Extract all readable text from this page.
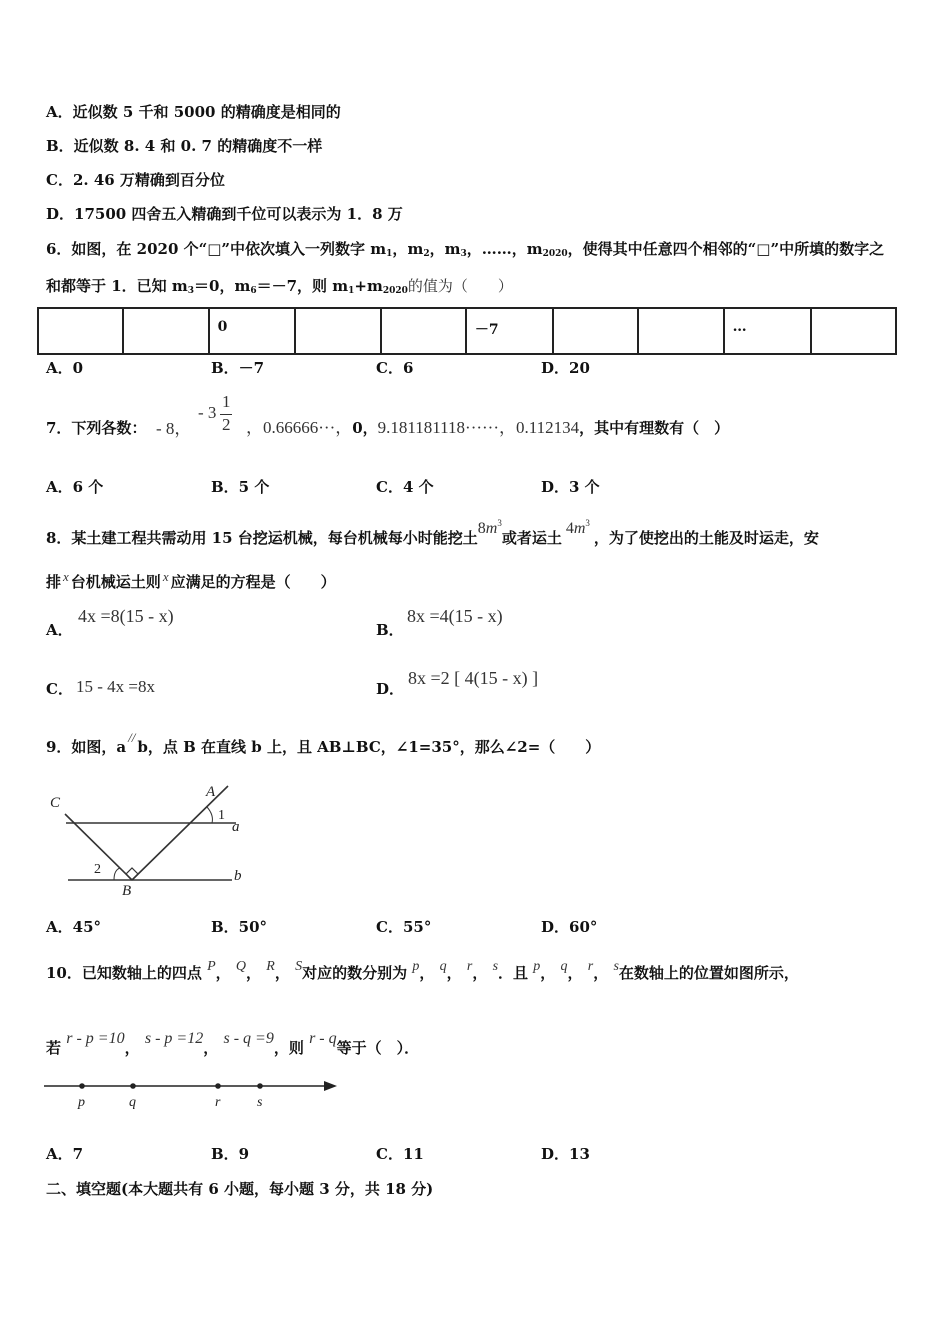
A．近似数 5 千和 5000 的精确度是相同的
B．近似数 8. 4 和 0. 7 的精确度不一样
C．2. 46 万精确到百分位
D．17500 四舍五入精确到千位可以表示为 1．8 万
6．如图，在 2020 个“□”中依次填入一列数字 $m_1$，$m_2$，$m_3$，……，$m_{2020}$，使得其中任意四个相邻的“□”中所填的数字之
和都等于 1．已知 $m_3=0$，$m_6=-7$，则 $m_1+m_{2020}$的值为（　　）
		0			－7			…	
A．0	B．－7	C．6	D．20
7．下列各数： - 8，
- 3
1
2 ，0.66666···，0，9.181181118······，0.112134，其中有理数有（　）
A．6 个	B．5 个	C．4 个	D．3 个
8．某土建工程共需动用 15 台挖运机械，每台机械每小时能挖土$8m^3$或者运土$4m^3$，为了使挖出的土能及时运走，安
排 x 台机械运土则 x 应满足的方程是（　　）
A．
4x =8(15 - x)
B．
8x =4(15 - x)
C． 15 - 4x =8x	D．
8x =2 [ 4(15 - x) ]
9．如图，a//b，点 B 在直线 b 上，且 AB⊥BC，∠1=35°，那么∠2=（　　）
C
A
1
a
2
B
b
A．45°	B．50°	C．55°	D．60°
10．已知数轴上的四点 P， Q， R， S对应的数分别为 p， q， r， s．且 p， q， r， s在数轴上的位置如图所示，
若 r - p =10， s - p =12， s - q =9，则 r - q等于（　）．
p	q	r	s
A．7	B．9	C．11	D．13
二、填空题(本大题共有 6 小题，每小题 3 分，共 18 分)
